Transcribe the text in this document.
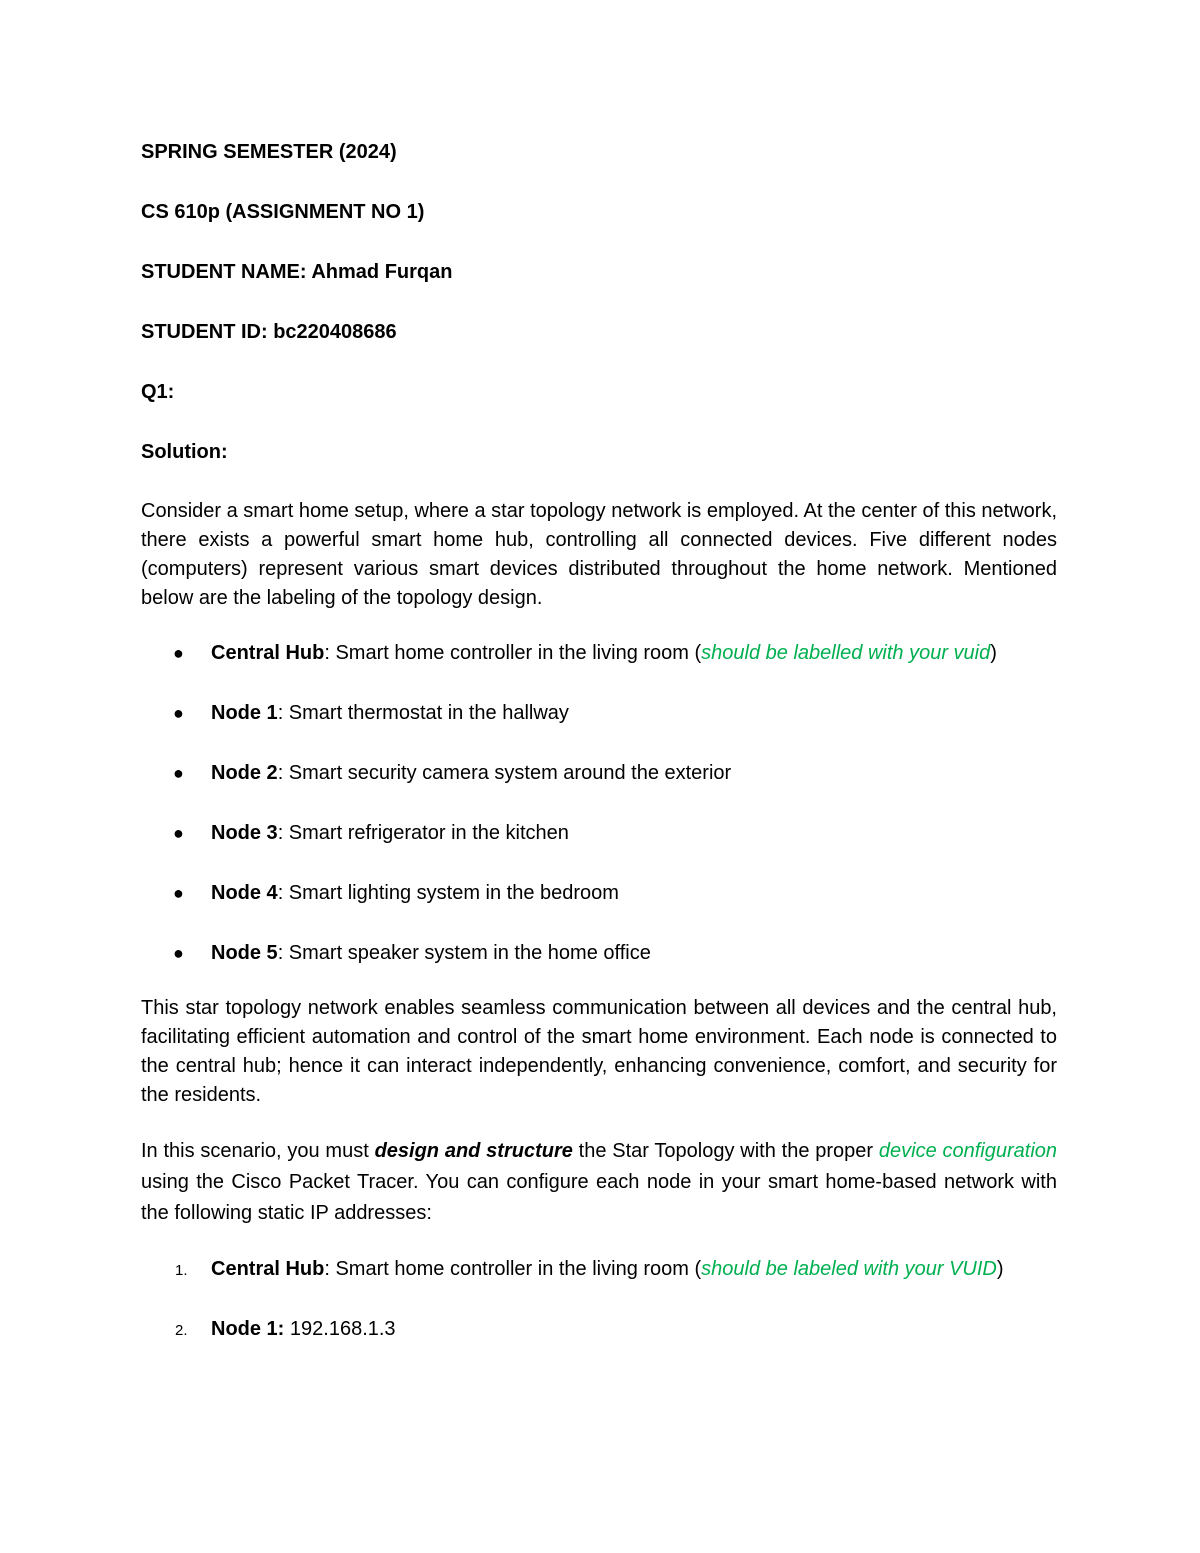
SPRING SEMESTER (2024)
CS 610p (ASSIGNMENT NO 1)
STUDENT NAME: Ahmad Furqan
STUDENT ID: bc220408686
Q1:
Solution:

Consider a smart home setup, where a star topology network is employed. At the center of this network, there exists a powerful smart home hub, controlling all connected devices. Five different nodes (computers) represent various smart devices distributed throughout the home network. Mentioned below are the labeling of the topology design.

● Central Hub: Smart home controller in the living room (should be labelled with your vuid)
● Node 1: Smart thermostat in the hallway
● Node 2: Smart security camera system around the exterior
● Node 3: Smart refrigerator in the kitchen
● Node 4: Smart lighting system in the bedroom
● Node 5: Smart speaker system in the home office

This star topology network enables seamless communication between all devices and the central hub, facilitating efficient automation and control of the smart home environment. Each node is connected to the central hub; hence it can interact independently, enhancing convenience, comfort, and security for the residents.

In this scenario, you must design and structure the Star Topology with the proper device configuration using the Cisco Packet Tracer. You can configure each node in your smart home-based network with the following static IP addresses:

1. Central Hub: Smart home controller in the living room (should be labeled with your VUID)
2. Node 1: 192.168.1.3
